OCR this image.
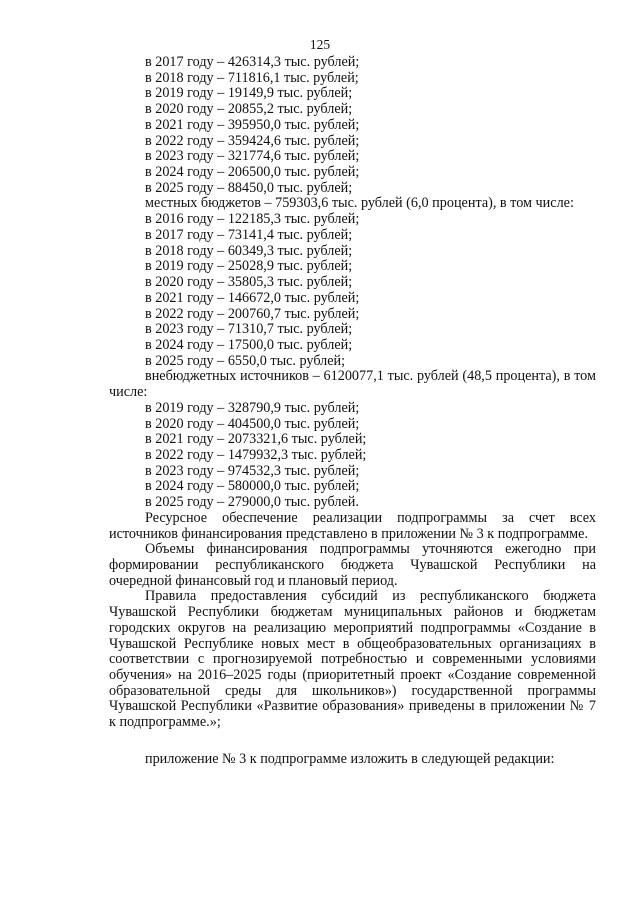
125
в 2017 году – 426314,3 тыс. рублей;
в 2018 году – 711816,1 тыс. рублей;
в 2019 году – 19149,9 тыс. рублей;
в 2020 году – 20855,2 тыс. рублей;
в 2021 году – 395950,0 тыс. рублей;
в 2022 году – 359424,6 тыс. рублей;
в 2023 году – 321774,6 тыс. рублей;
в 2024 году – 206500,0 тыс. рублей;
в 2025 году – 88450,0 тыс. рублей;

местных бюджетов – 759303,6 тыс. рублей (6,0 процента), в том числе:

в 2016 году – 122185,3 тыс. рублей;
в 2017 году – 73141,4 тыс. рублей;
в 2018 году – 60349,3 тыс. рублей;
в 2019 году – 25028,9 тыс. рублей;
в 2020 году – 35805,3 тыс. рублей;
в 2021 году – 146672,0 тыс. рублей;
в 2022 году – 200760,7 тыс. рублей;
в 2023 году – 71310,7 тыс. рублей;
в 2024 году – 17500,0 тыс. рублей;
в 2025 году – 6550,0 тыс. рублей;

внебюджетных источников – 6120077,1 тыс. рублей (48,5 процента), в том числе:

в 2019 году – 328790,9 тыс. рублей;
в 2020 году – 404500,0 тыс. рублей;
в 2021 году – 2073321,6 тыс. рублей;
в 2022 году – 1479932,3 тыс. рублей;
в 2023 году – 974532,3 тыс. рублей;
в 2024 году – 580000,0 тыс. рублей;
в 2025 году – 279000,0 тыс. рублей.

Ресурсное обеспечение реализации подпрограммы за счет всех источников финансирования представлено в приложении № 3 к подпрограмме.

Объемы финансирования подпрограммы уточняются ежегодно при формировании республиканского бюджета Чувашской Республики на очередной финансовый год и плановый период.

Правила предоставления субсидий из республиканского бюджета Чувашской Республики бюджетам муниципальных районов и бюджетам городских округов на реализацию мероприятий подпрограммы «Создание в Чувашской Республике новых мест в общеобразовательных организациях в соответствии с прогнозируемой потребностью и современными условиями обучения» на 2016–2025 годы (приоритетный проект «Создание современной образовательной среды для школьников») государственной программы Чувашской Республики «Развитие образования» приведены в приложении № 7 к подпрограмме.»;

приложение № 3 к подпрограмме изложить в следующей редакции:
